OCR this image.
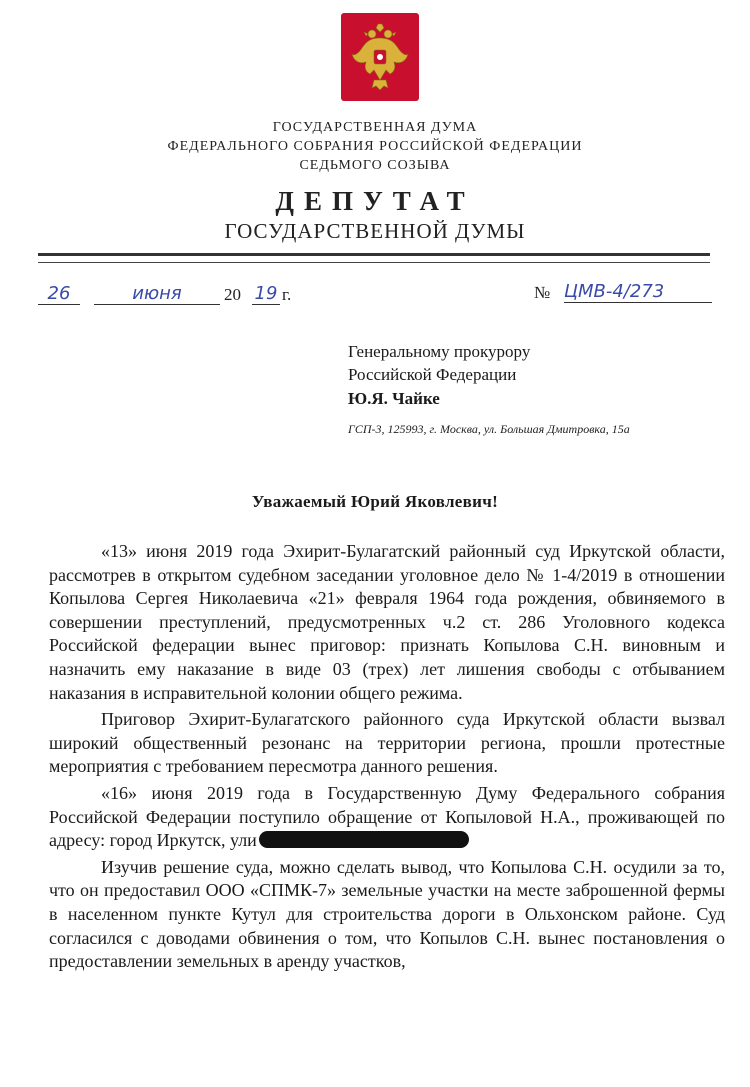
ГОСУДАРСТВЕННАЯ ДУМА
ФЕДЕРАЛЬНОГО СОБРАНИЯ РОССИЙСКОЙ ФЕДЕРАЦИИ
СЕДЬМОГО СОЗЫВА
ДЕПУТАТ
ГОСУДАРСТВЕННОЙ ДУМЫ
26	июня	20 19 г.	№ ЦМВ-4/273
Генеральному прокурору
Российской Федерации
Ю.Я. Чайке
ГСП-3, 125993, г. Москва, ул. Большая Дмитровка, 15а
Уважаемый Юрий Яковлевич!

«13» июня 2019 года Эхирит-Булагатский районный суд Иркутской области, рассмотрев в открытом судебном заседании уголовное дело № 1-4/2019 в отношении Копылова Сергея Николаевича «21» февраля 1964 года рождения, обвиняемого в совершении преступлений, предусмотренных ч.2 ст. 286 Уголовного кодекса Российской федерации вынес приговор: признать Копылова С.Н. виновным и назначить ему наказание в виде 03 (трех) лет лишения свободы с отбыванием наказания в исправительной колонии общего режима.

Приговор Эхирит-Булагатского районного суда Иркутской области вызвал широкий общественный резонанс на территории региона, прошли протестные мероприятия с требованием пересмотра данного решения.

«16» июня 2019 года в Государственную Думу Федерального собрания Российской Федерации поступило обращение от Копыловой Н.А., проживающей по адресу: город Иркутск, ули

Изучив решение суда, можно сделать вывод, что Копылова С.Н. осудили за то, что он предоставил ООО «СПМК-7» земельные участки на месте заброшенной фермы в населенном пункте Кутул для строительства дороги в Ольхонском районе. Суд согласился с доводами обвинения о том, что Копылов С.Н. вынес постановления о предоставлении земельных в аренду участков,
